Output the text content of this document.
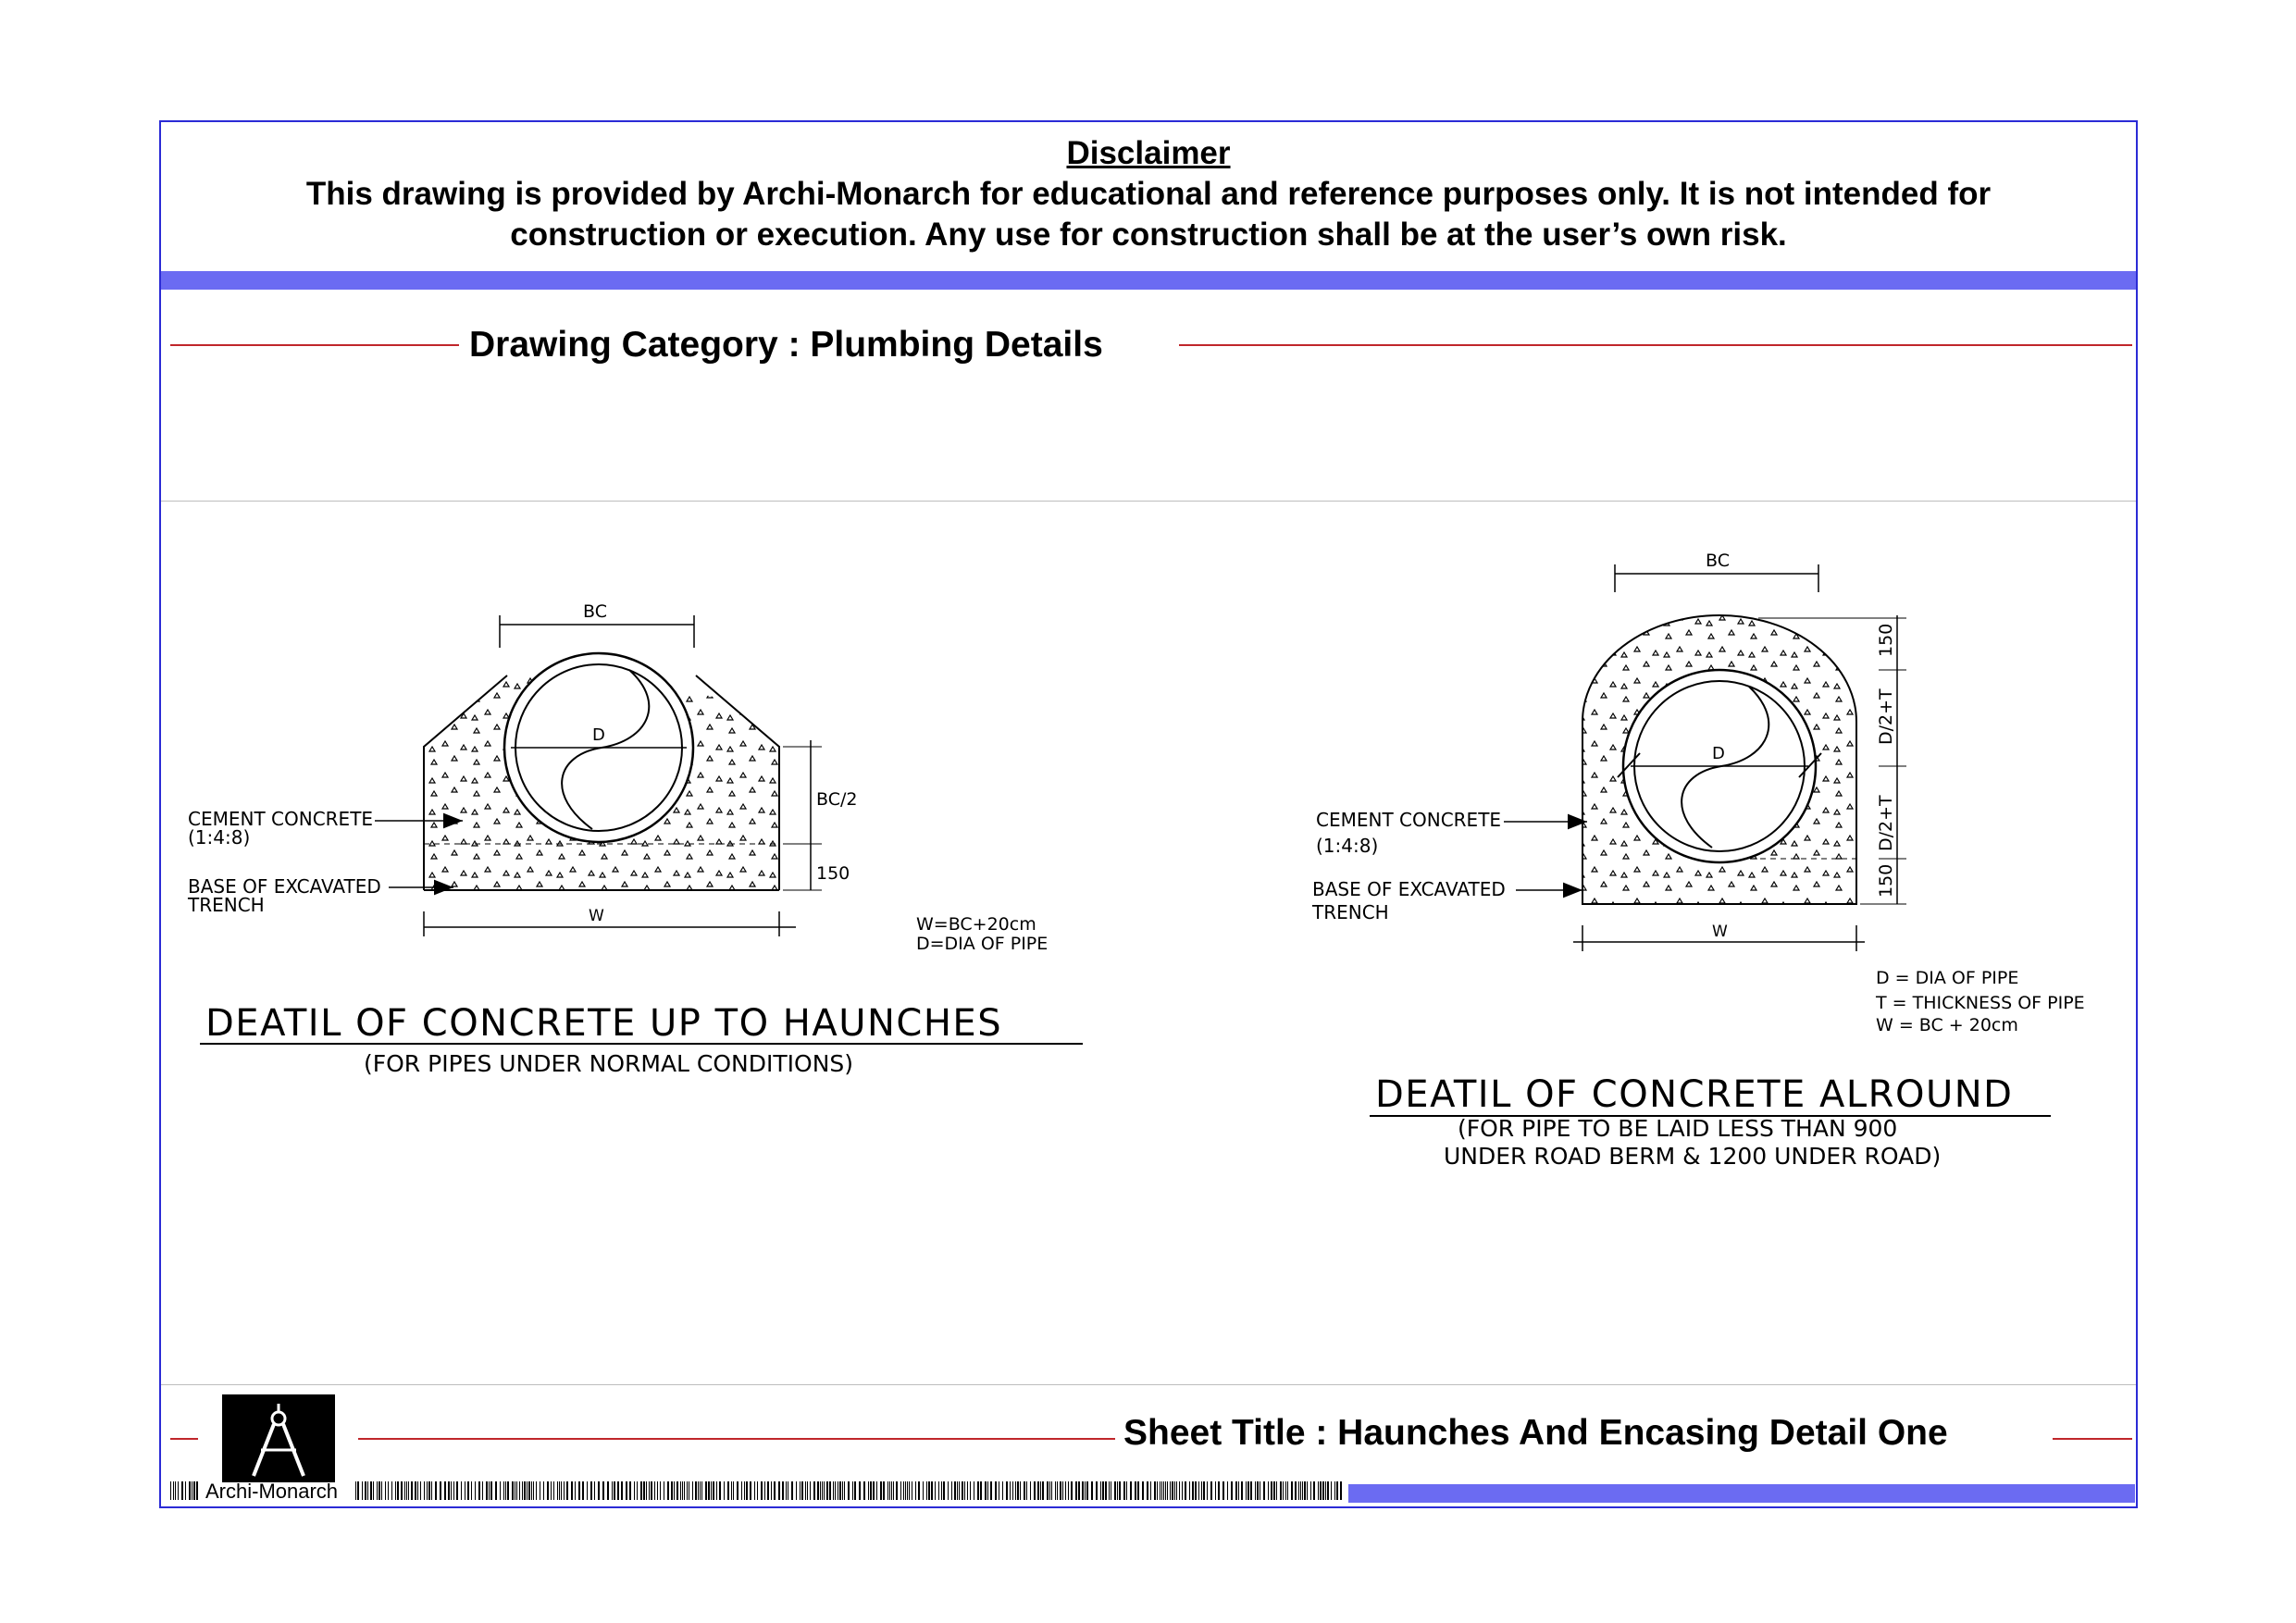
Disclaimer
This drawing is provided by Archi-Monarch for educational and reference purposes only. It is not intended for
construction or execution. Any use for construction shall be at the user’s own risk.
Drawing Category : Plumbing Details
Archi-Monarch
Sheet Title : Haunches And Encasing Detail One
D
BC
BC/2
150
W
CEMENT CONCRETE
(1:4:8)
BASE OF EXCAVATED
TRENCH
W=BC+20cm
D=DIA OF PIPE
DEATIL OF CONCRETE UP TO HAUNCHES
(FOR PIPES UNDER NORMAL CONDITIONS)
D
BC
150
D/2+T
D/2+T
150
W
CEMENT CONCRETE
(1:4:8)
BASE OF EXCAVATED
TRENCH
D = DIA OF PIPE
T = THICKNESS OF PIPE
W = BC + 20cm
DEATIL OF CONCRETE ALROUND
(FOR PIPE TO BE LAID LESS THAN 900
UNDER ROAD BERM & 1200 UNDER ROAD)
